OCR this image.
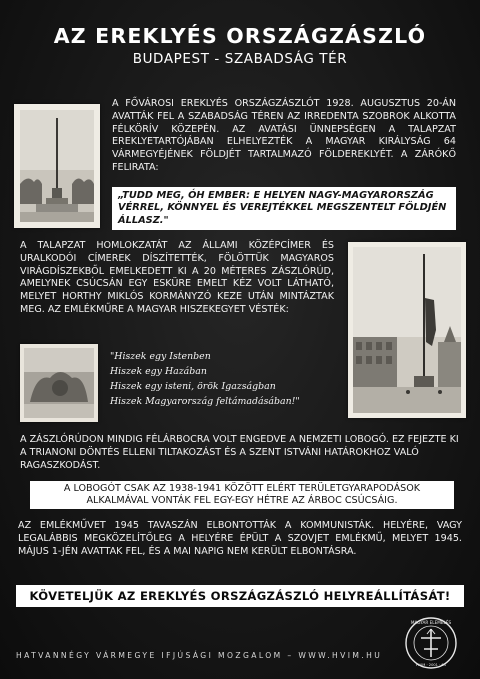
AZ EREKLYÉS ORSZÁGZÁSZLÓ
BUDAPEST - SZABADSÁG TÉR
A FŐVÁROSI EREKLYÉS ORSZÁGZÁSZLÓT 1928. AUGUSZTUS 20-ÁN AVATTÁK FEL A SZABADSÁG TÉREN AZ IRREDENTA SZOBROK ALKOTTA FÉLKÖRÍV KÖZEPÉN. AZ AVATÁSI ÜNNEPSÉGEN A TALAPZAT EREKLYETARTÓJÁBAN ELHELYEZTÉK A MAGYAR KIRÁLYSÁG 64 VÁRMEGYÉJÉNEK FÖLDJÉT TARTALMAZÓ FÖLDEREKLYÉT. A ZÁRÓKŐ FELIRATA:
„TUDD MEG, ÓH EMBER: E HELYEN NAGY-MAGYARORSZÁG VÉRREL, KÖNNYEL ÉS VEREJTÉKKEL MEGSZENTELT FÖLDJÉN ÁLLASZ."
A TALAPZAT HOMLOKZATÁT AZ ÁLLAMI KÖZÉPCÍMER ÉS URALKODÓI CÍMEREK DÍSZÍTETTÉK, FÖLÖTTÜK MAGYAROS VIRÁGDÍSZEKBŐL EMELKEDETT KI A 20 MÉTERES ZÁSZLÓRÚD, AMELYNEK CSÚCSÁN EGY ESKÜRE EMELT KÉZ VOLT LÁTHATÓ, MELYET HORTHY MIKLÓS KORMÁNYZÓ KEZE UTÁN MINTÁZTAK MEG. AZ EMLÉKMŰRE A MAGYAR HISZEKEGYET VÉSTÉK:
"Hiszek egy Istenben
Hiszek egy Hazában
Hiszek egy isteni, örök Igazságban
Hiszek Magyarország feltámadásában!"
A ZÁSZLÓRÚDON MINDIG FÉLÁRBOCRA VOLT ENGEDVE A NEMZETI LOBOGÓ. EZ FEJEZTE KI A TRIANONI DÖNTÉS ELLENI TILTAKOZÁST ÉS A SZENT ISTVÁNI HATÁROKHOZ VALÓ RAGASZKODÁST.
A LOBOGÓT CSAK AZ 1938-1941 KÖZÖTT ELÉRT TERÜLETGYARAPODÁSOK ALKALMÁVAL VONTÁK FEL EGY-EGY HÉTRE AZ ÁRBOC CSÚCSÁIG.
AZ EMLÉKMŰVET 1945 TAVASZÁN ELBONTOTTÁK A KOMMUNISTÁK. HELYÉRE, VAGY LEGALÁBBIS MEGKÖZELÍTŐLEG A HELYÉRE ÉPÜLT A SZOVJET EMLÉKMŰ, MELYET 1945. MÁJUS 1-JÉN AVATTAK FEL, ÉS A MAI NAPIG NEM KERÜLT ELBONTÁSRA.
KÖVETELJÜK AZ EREKLYÉS ORSZÁGZÁSZLÓ HELYREÁLLÍTÁSÁT!
HATVANNÉGY VÁRMEGYE IFJÚSÁGI MOZGALOM – WWW.HVIM.HU
MAGYAR ELEMÉLÉS
HVIM · 2001 · 64
